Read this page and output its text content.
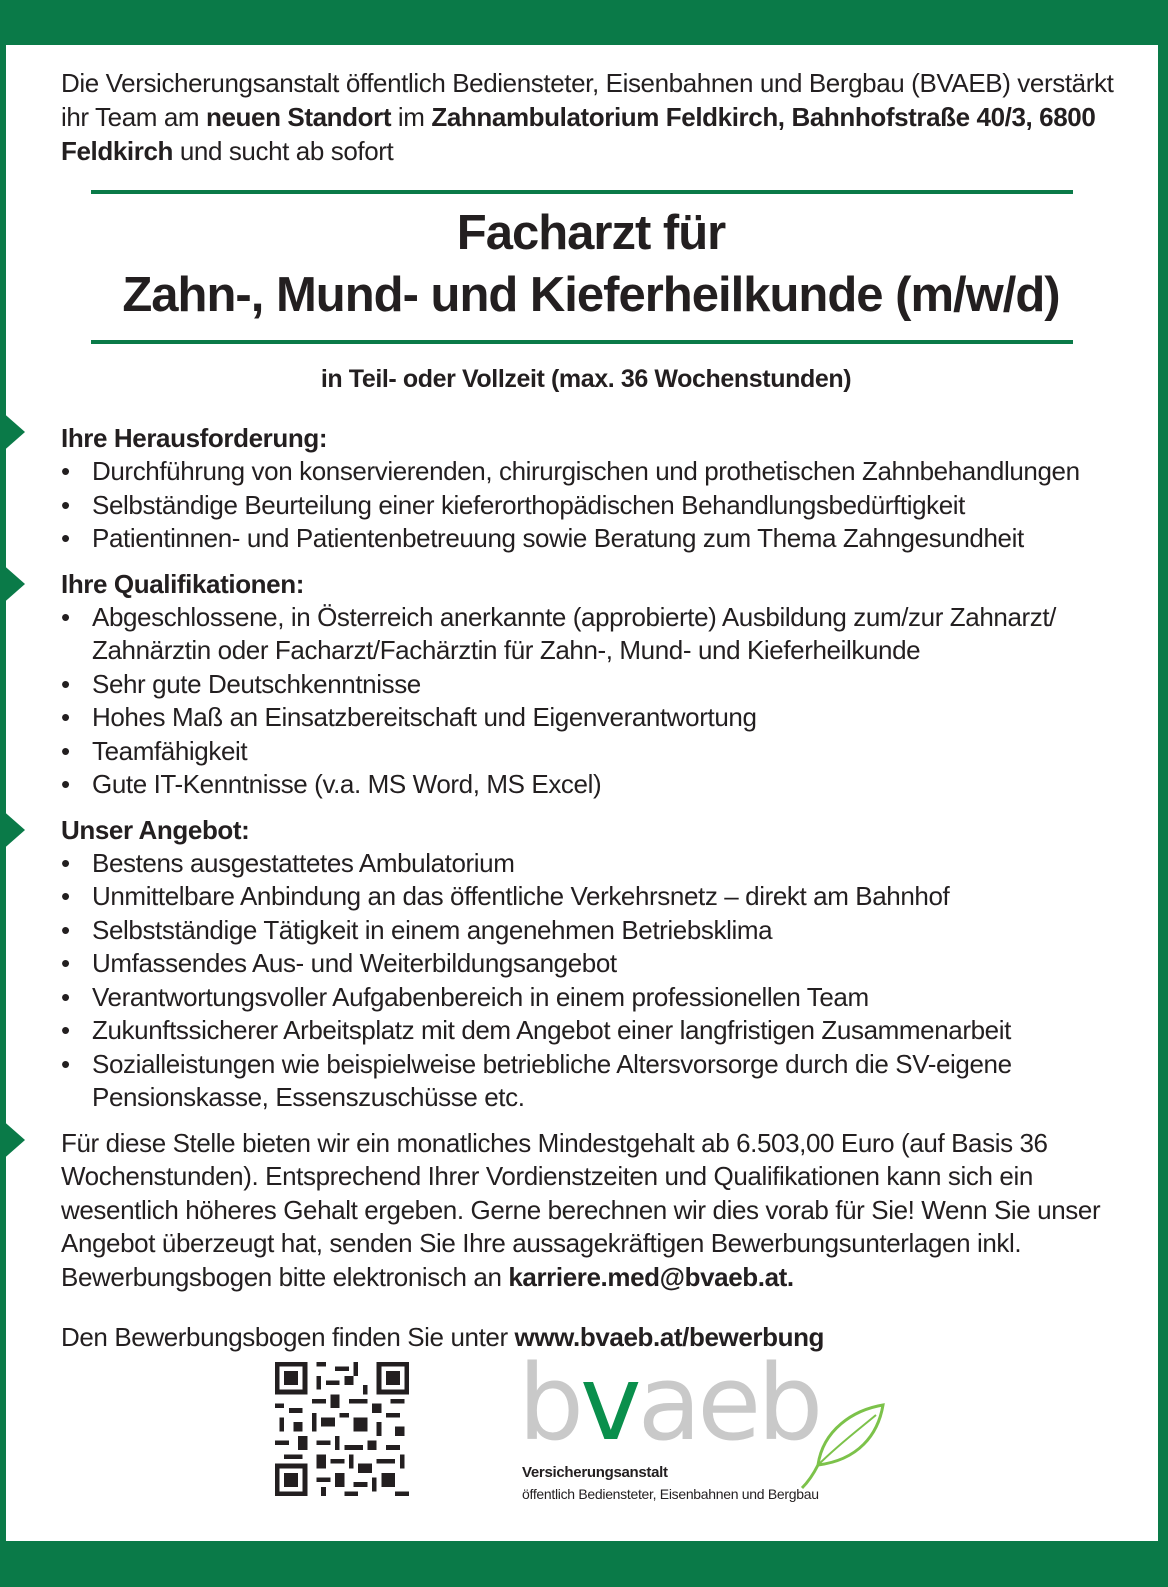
Die Versicherungsanstalt öffentlich Bediensteter, Eisenbahnen und Bergbau (BVAEB) verstärkt ihr Team am neuen Standort im Zahnambulatorium Feldkirch, Bahnhofstraße 40/3, 6800 Feldkirch und sucht ab sofort

Facharzt für
Zahn-, Mund- und Kieferheilkunde (m/w/d)
in Teil- oder Vollzeit (max. 36 Wochenstunden)
Ihre Herausforderung:
• Durchführung von konservierenden, chirurgischen und prothetischen Zahnbehandlungen
• Selbständige Beurteilung einer kieferorthopädischen Behandlungsbedürftigkeit
• Patientinnen- und Patientenbetreuung sowie Beratung zum Thema Zahngesundheit
Ihre Qualifikationen:
• Abgeschlossene, in Österreich anerkannte (approbierte) Ausbildung zum/zur Zahnarzt/ Zahnärztin oder Facharzt/Fachärztin für Zahn-, Mund- und Kieferheilkunde
• Sehr gute Deutschkenntnisse
• Hohes Maß an Einsatzbereitschaft und Eigenverantwortung
• Teamfähigkeit
• Gute IT-Kenntnisse (v.a. MS Word, MS Excel)
Unser Angebot:
• Bestens ausgestattetes Ambulatorium
• Unmittelbare Anbindung an das öffentliche Verkehrsnetz – direkt am Bahnhof
• Selbstständige Tätigkeit in einem angenehmen Betriebsklima
• Umfassendes Aus- und Weiterbildungsangebot
• Verantwortungsvoller Aufgabenbereich in einem professionellen Team
• Zukunftssicherer Arbeitsplatz mit dem Angebot einer langfristigen Zusammenarbeit
• Sozialleistungen wie beispielweise betriebliche Altersvorsorge durch die SV-eigene Pensionskasse, Essenszuschüsse etc.

Für diese Stelle bieten wir ein monatliches Mindestgehalt ab 6.503,00 Euro (auf Basis 36 Wochenstunden). Entsprechend Ihrer Vordienstzeiten und Qualifikationen kann sich ein wesentlich höheres Gehalt ergeben. Gerne berechnen wir dies vorab für Sie! Wenn Sie unser Angebot überzeugt hat, senden Sie Ihre aussagekräftigen Bewerbungsunterlagen inkl. Bewerbungsbogen bitte elektronisch an karriere.med@bvaeb.at.

Den Bewerbungsbogen finden Sie unter www.bvaeb.at/bewerbung

bvaeb
Versicherungsanstalt
öffentlich Bediensteter, Eisenbahnen und Bergbau
